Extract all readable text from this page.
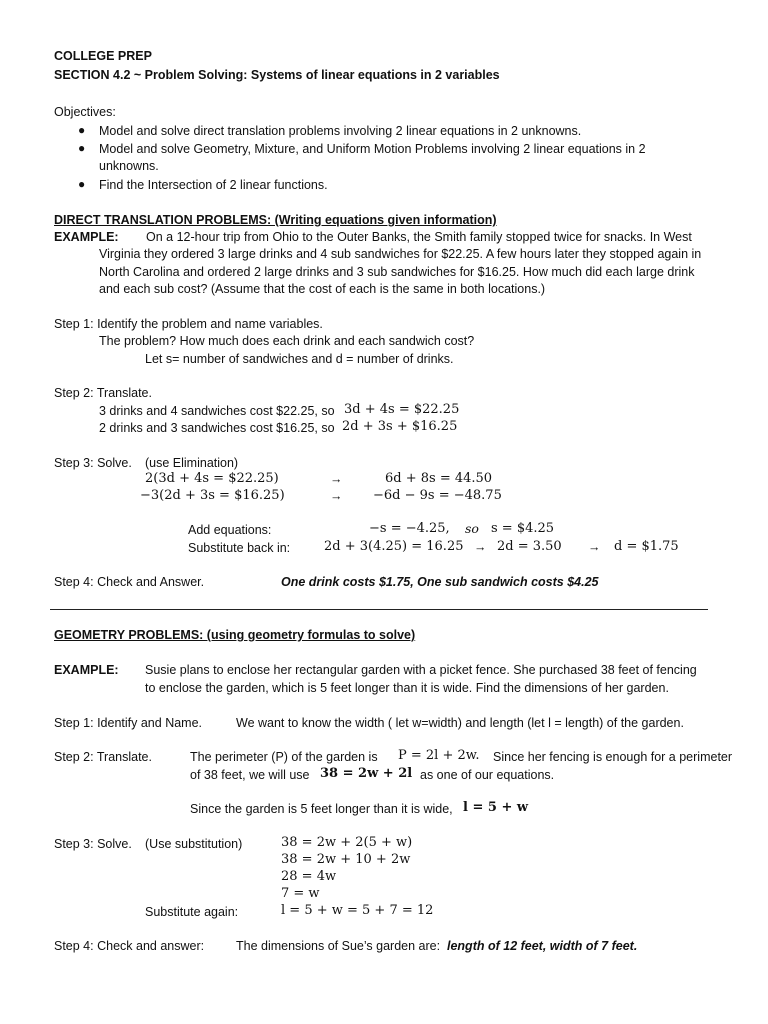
COLLEGE PREP
SECTION 4.2 ~ Problem Solving: Systems of linear equations in 2 variables
Objectives:
● Model and solve direct translation problems involving 2 linear equations in 2 unknowns.
● Model and solve Geometry, Mixture, and Uniform Motion Problems involving 2 linear equations in 2
unknowns.
● Find the Intersection of 2 linear functions.
DIRECT TRANSLATION PROBLEMS: (Writing equations given information)
EXAMPLE: On a 12-hour trip from Ohio to the Outer Banks, the Smith family stopped twice for snacks. In West
Virginia they ordered 3 large drinks and 4 sub sandwiches for $22.25. A few hours later they stopped again in
North Carolina and ordered 2 large drinks and 3 sub sandwiches for $16.25. How much did each large drink
and each sub cost? (Assume that the cost of each is the same in both locations.)
Step 1: Identify the problem and name variables.
The problem? How much does each drink and each sandwich cost?
Let s= number of sandwiches and d = number of drinks.
Step 2: Translate.
3 drinks and 4 sandwiches cost $22.25, so 3d + 4s = $22.25
2 drinks and 3 sandwiches cost $16.25, so 2d + 3s + $16.25
Step 3: Solve. (use Elimination)
2(3d + 4s = $22.25)	→	6d + 8s = 44.50
−3(2d + 3s = $16.25)	→ −6d − 9s = −48.75
Add equations:	−s = −4.25, so s = $4.25
Substitute back in:	2d + 3(4.25) = 16.25 → 2d = 3.50 → d = $1.75
Step 4: Check and Answer.	One drink costs $1.75, One sub sandwich costs $4.25
GEOMETRY PROBLEMS: (using geometry formulas to solve)
EXAMPLE: Susie plans to enclose her rectangular garden with a picket fence. She purchased 38 feet of fencing
to enclose the garden, which is 5 feet longer than it is wide. Find the dimensions of her garden.
Step 1: Identify and Name.	We want to know the width ( let w=width) and length (let l = length) of the garden.
Step 2: Translate.	The perimeter (P) of the garden is P = 2l + 2w. Since her fencing is enough for a perimeter
of 38 feet, we will use 38 = 2w + 2l as one of our equations.
Since the garden is 5 feet longer than it is wide, l = 5 + w
Step 3: Solve. (Use substitution)	38 = 2w + 2(5 + w)
38 = 2w + 10 + 2w
28 = 4w
7 = w
Substitute again:	l = 5 + w = 5 + 7 = 12
Step 4: Check and answer:	The dimensions of Sue’s garden are: length of 12 feet, width of 7 feet.
